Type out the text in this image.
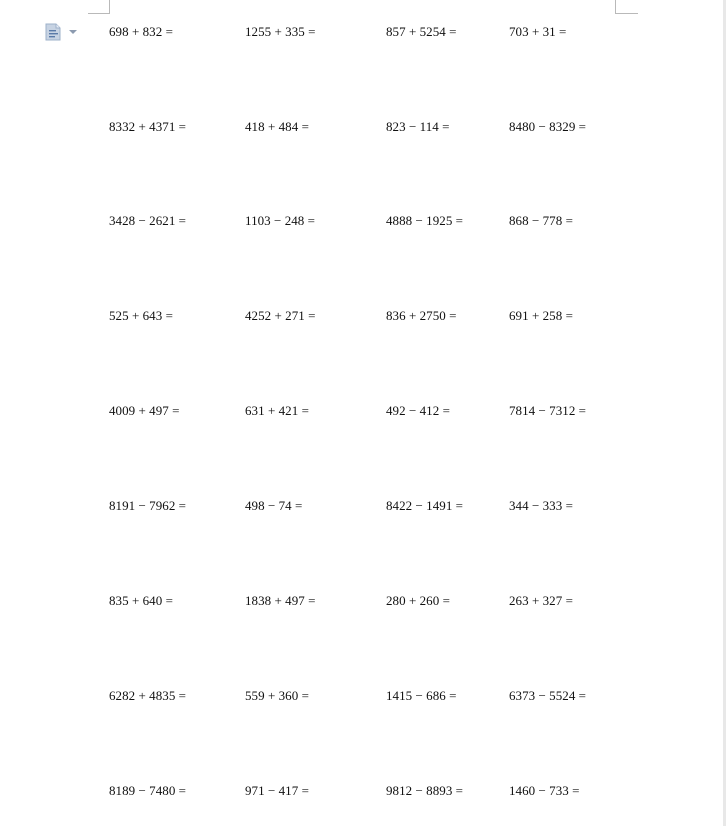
698 + 832 =	1255 + 335 =	857 + 5254 =	703 + 31 =
8332 + 4371 =	418 + 484 =	823 − 114 =	8480 − 8329 =
3428 − 2621 =	1103 − 248 =	4888 − 1925 =	868 − 778 =
525 + 643 =	4252 + 271 =	836 + 2750 =	691 + 258 =
4009 + 497 =	631 + 421 =	492 − 412 =	7814 − 7312 =
8191 − 7962 =	498 − 74 =	8422 − 1491 =	344 − 333 =
835 + 640 =	1838 + 497 =	280 + 260 =	263 + 327 =
6282 + 4835 =	559 + 360 =	1415 − 686 =	6373 − 5524 =
8189 − 7480 =	971 − 417 =	9812 − 8893 =	1460 − 733 =
